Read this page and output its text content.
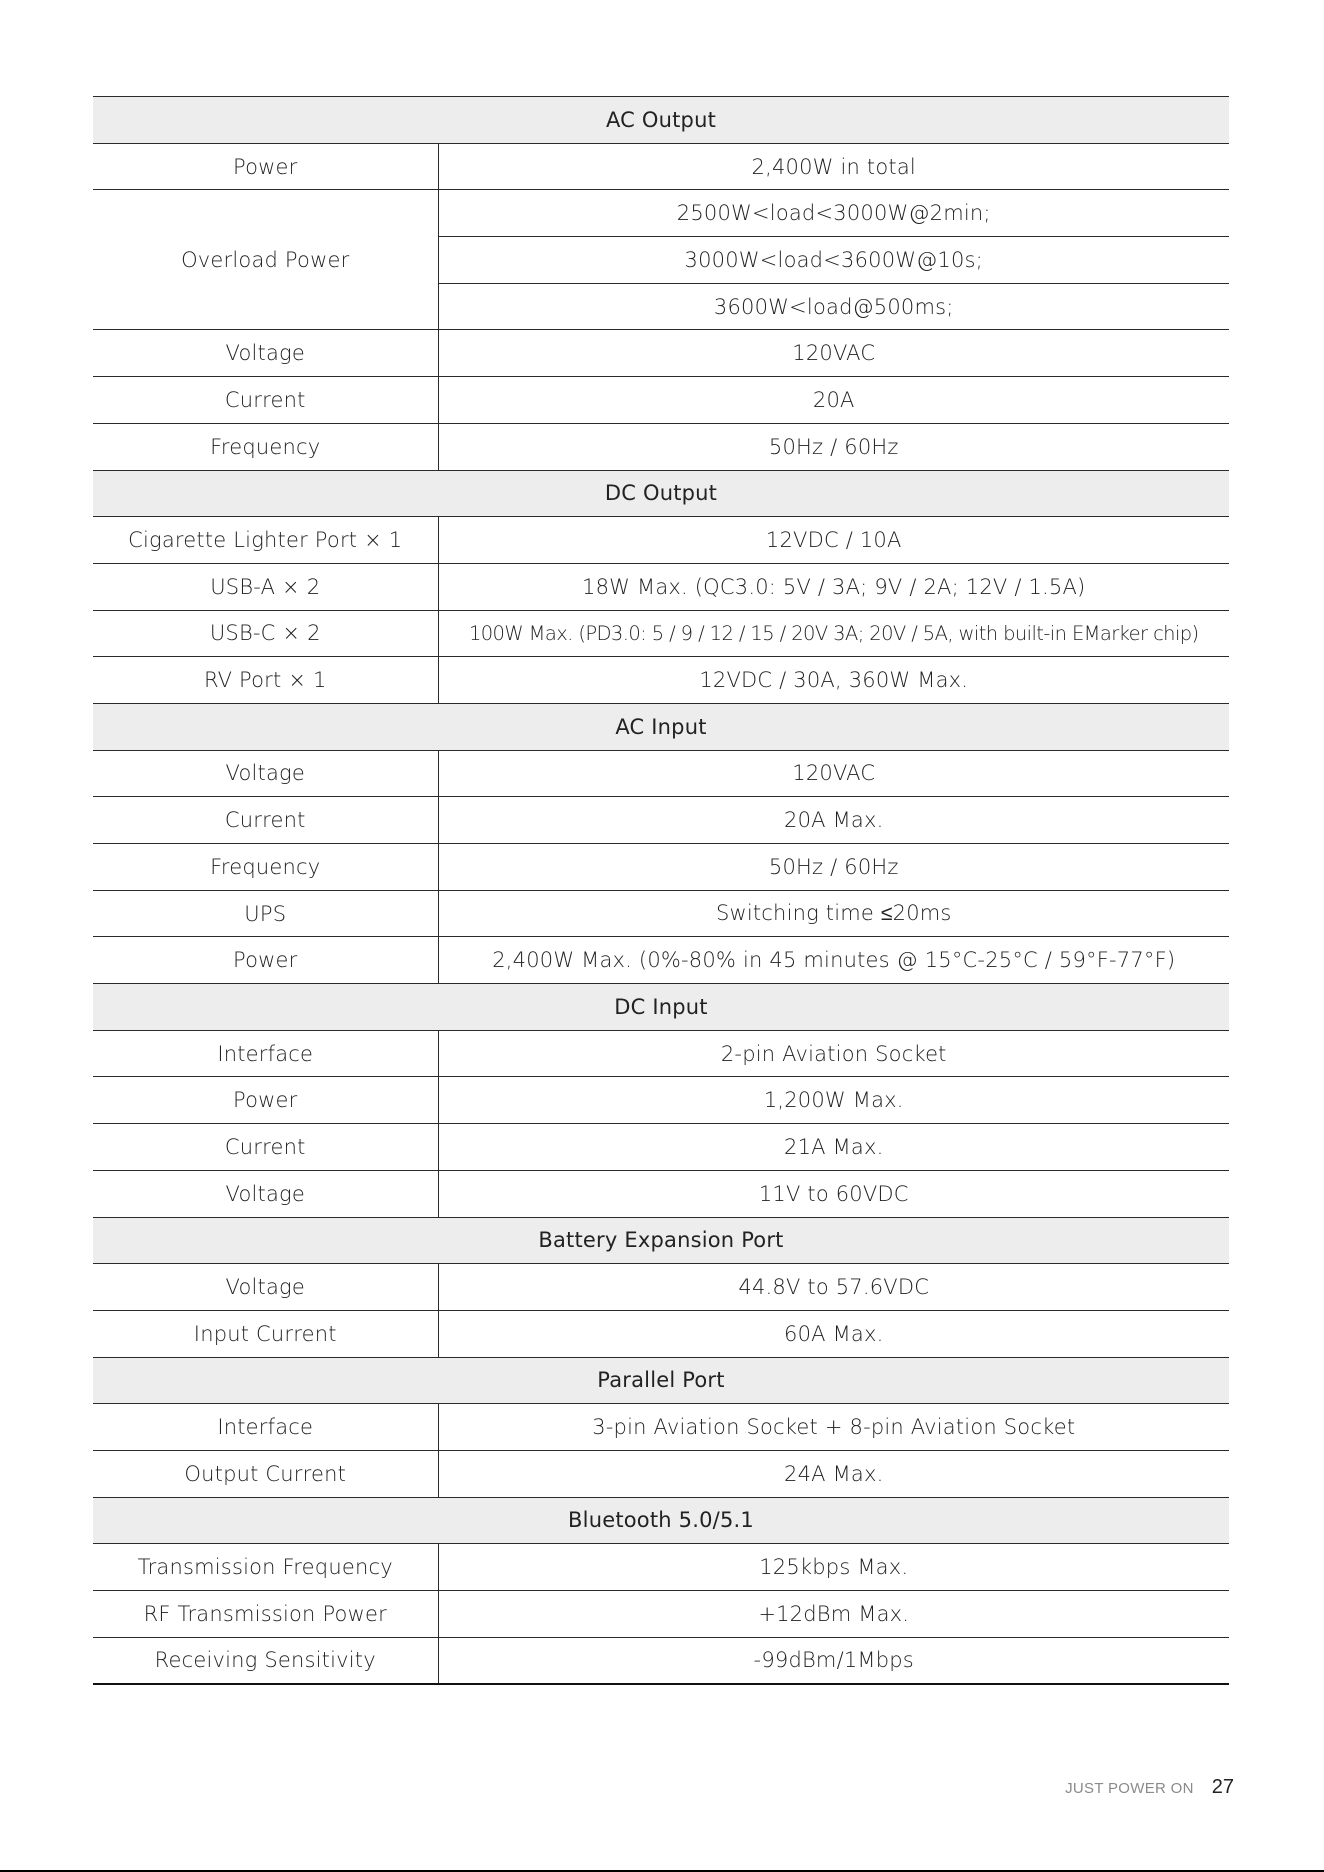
AC Output	
Power	2,400W in total
Overload Power	2500W<load<3000W@2min;
	3000W<load<3600W@10s;
	3600W<load@500ms;
Voltage	120VAC
Current	20A
Frequency	50Hz / 60Hz
DC Output	
Cigarette Lighter Port × 1	12VDC / 10A
USB-A × 2	18W Max. (QC3.0: 5V / 3A; 9V / 2A; 12V / 1.5A)
USB-C × 2	100W Max. (PD3.0: 5 / 9 / 12 / 15 / 20V 3A; 20V / 5A, with built-in EMarker chip)
RV Port × 1	12VDC / 30A, 360W Max.
AC Input	
Voltage	120VAC
Current	20A Max.
Frequency	50Hz / 60Hz
UPS	Switching time ≤20ms
Power	2,400W Max. (0%-80% in 45 minutes @ 15°C-25°C / 59°F-77°F)
DC Input	
Interface	2-pin Aviation Socket
Power	1,200W Max.
Current	21A Max.
Voltage	11V to 60VDC
Battery Expansion Port	
Voltage	44.8V to 57.6VDC
Input Current	60A Max.
Parallel Port	
Interface	3-pin Aviation Socket + 8-pin Aviation Socket
Output Current	24A Max.
Bluetooth 5.0/5.1	
Transmission Frequency	125kbps Max.
RF Transmission Power	+12dBm Max.
Receiving Sensitivity	-99dBm/1Mbps
JUST POWER ON 27
